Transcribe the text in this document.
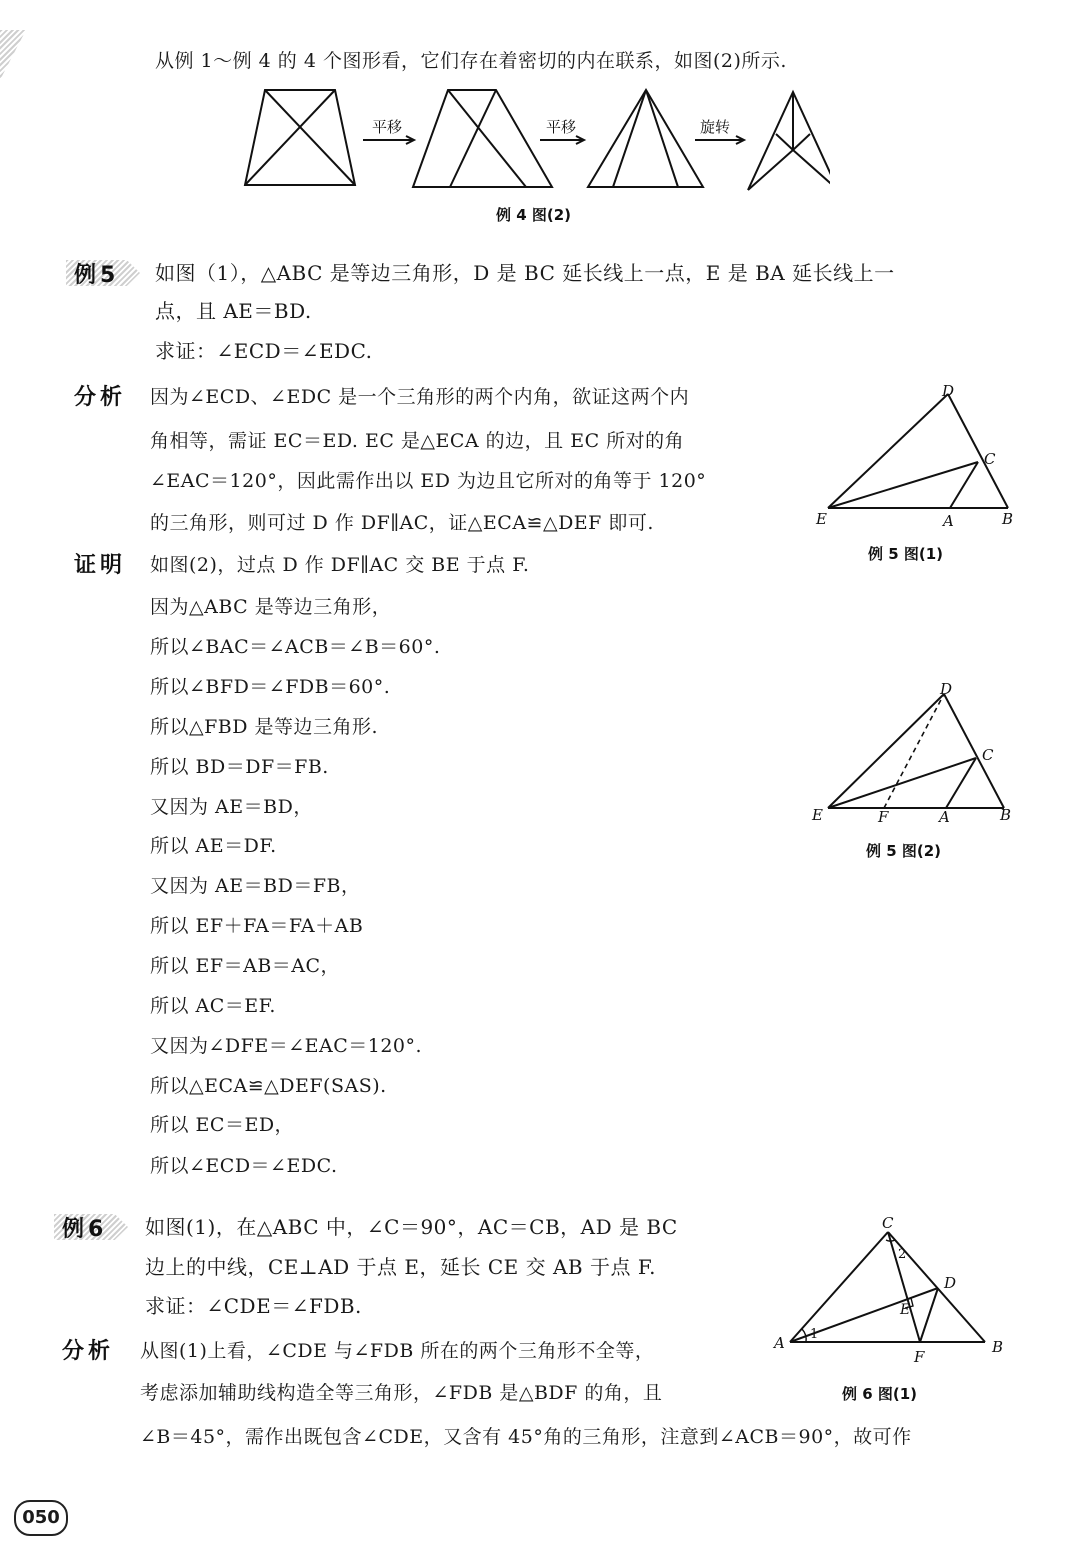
从例 1～例 4 的 4 个图形看，它们存在着密切的内在联系，如图(2)所示.
平移	平移	旋转
例 4 图(2)
例5 如图（1），△ABC 是等边三角形，D 是 BC 延长线上一点，E 是 BA 延长线上一
点，且 AE＝BD.
求证：∠ECD＝∠EDC.
分析 因为∠ECD、∠EDC 是一个三角形的两个内角，欲证这两个内
角相等，需证 EC＝ED. EC 是△ECA 的边，且 EC 所对的角
∠EAC＝120°，因此需作出以 ED 为边且它所对的角等于 120°
的三角形，则可过 D 作 DF∥AC，证△ECA≌△DEF 即可.
D
C
E	A	B
例 5 图(1)
证明 如图(2)，过点 D 作 DF∥AC 交 BE 于点 F.
因为△ABC 是等边三角形，
所以∠BAC＝∠ACB＝∠B＝60°.
所以∠BFD＝∠FDB＝60°.
所以△FBD 是等边三角形.
所以 BD＝DF＝FB.
又因为 AE＝BD，
所以 AE＝DF.
又因为 AE＝BD＝FB，
所以 EF＋FA＝FA＋AB
所以 EF＝AB＝AC，
所以 AC＝EF.
又因为∠DFE＝∠EAC＝120°.
所以△ECA≌△DEF(SAS).
所以 EC＝ED，
所以∠ECD＝∠EDC.
D
C
E	F	A	B
例 5 图(2)
例6 如图(1)，在△ABC 中，∠C＝90°，AC＝CB，AD 是 BC
边上的中线，CE⊥AD 于点 E，延长 CE 交 AB 于点 F.
求证：∠CDE＝∠FDB.
分析 从图(1)上看，∠CDE 与∠FDB 所在的两个三角形不全等，
考虑添加辅助线构造全等三角形，∠FDB 是△BDF 的角，且
∠B＝45°，需作出既包含∠CDE，又含有 45°角的三角形，注意到∠ACB＝90°，故可作
C
D
E
A
F
B
1
2
例 6 图(1)
050
